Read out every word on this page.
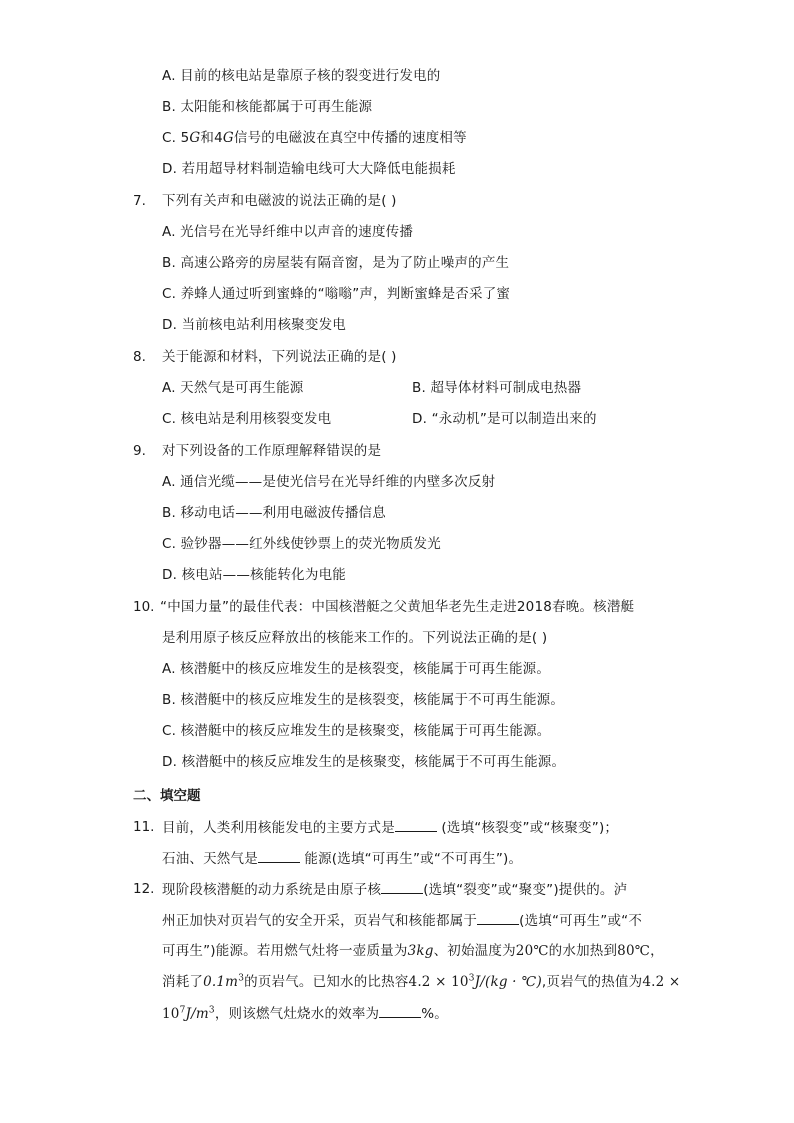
A. 目前的核电站是靠原子核的裂变进行发电的
B. 太阳能和核能都属于可再生能源
C. 5G和4G信号的电磁波在真空中传播的速度相等
D. 若用超导材料制造输电线可大大降低电能损耗
7. 下列有关声和电磁波的说法正确的是( )
A. 光信号在光导纤维中以声音的速度传播
B. 高速公路旁的房屋装有隔音窗，是为了防止噪声的产生
C. 养蜂人通过听到蜜蜂的“嗡嗡”声，判断蜜蜂是否采了蜜
D. 当前核电站利用核聚变发电
8. 关于能源和材料，下列说法正确的是( )
A. 天然气是可再生能源	B. 超导体材料可制成电热器
C. 核电站是利用核裂变发电	D. “永动机”是可以制造出来的
9. 对下列设备的工作原理解释错误的是
A. 通信光缆——是使光信号在光导纤维的内壁多次反射
B. 移动电话——利用电磁波传播信息
C. 验钞器——红外线使钞票上的荧光物质发光
D. 核电站——核能转化为电能
10. “中国力量”的最佳代表：中国核潜艇之父黄旭华老先生走进2018春晚。核潜艇
是利用原子核反应释放出的核能来工作的。下列说法正确的是( )
A. 核潜艇中的核反应堆发生的是核裂变，核能属于可再生能源。
B. 核潜艇中的核反应堆发生的是核裂变，核能属于不可再生能源。
C. 核潜艇中的核反应堆发生的是核聚变，核能属于可再生能源。
D. 核潜艇中的核反应堆发生的是核聚变，核能属于不可再生能源。
二、填空题
11. 目前，人类利用核能发电的主要方式是	(选填“核裂变”或“核聚变”)；
石油、天然气是	能源(选填“可再生”或“不可再生”)。
12. 现阶段核潜艇的动力系统是由原子核	(选填“裂变”或“聚变”)提供的。泸
州正加快对页岩气的安全开采，页岩气和核能都属于	(选填“可再生”或“不
可再生”)能源。若用燃气灶将一壶质量为3kg、初始温度为20℃的水加热到80℃，
消耗了$0.1m^3$的页岩气。已知水的比热容$4.2 \times 10^3J/(kg$ · ℃),页岩气的热值为4.2 ×
$10^7J/m^3$，则该燃气灶烧水的效率为	%。
